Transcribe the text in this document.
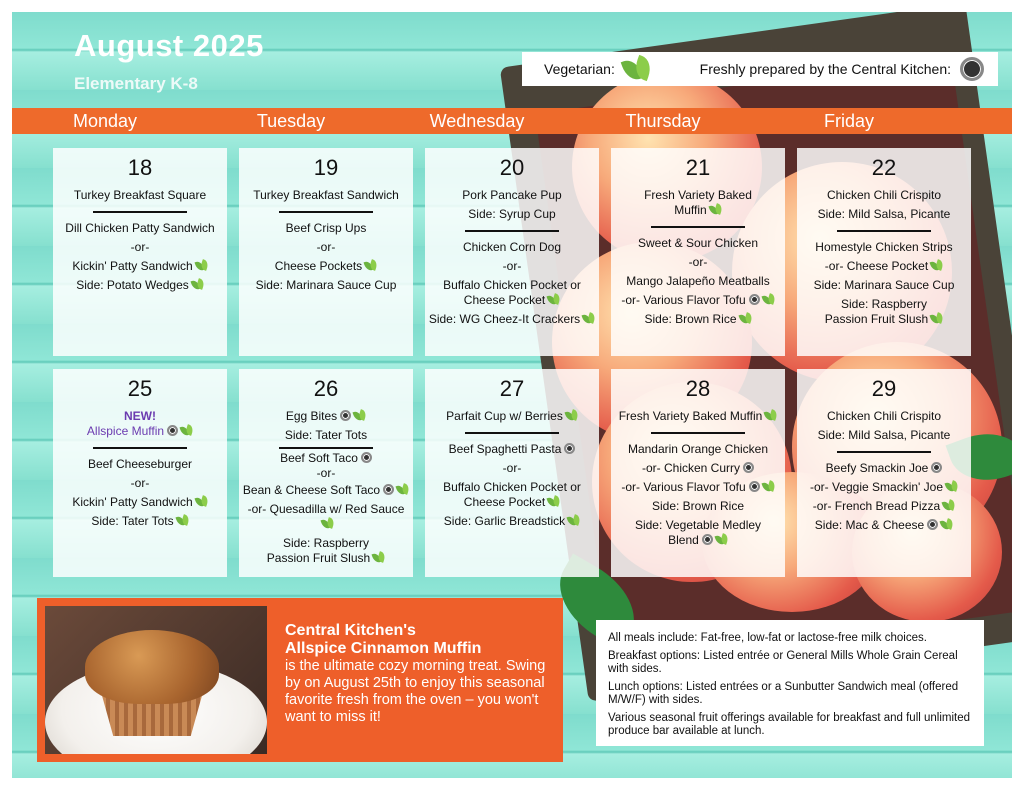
August 2025
Elementary K-8
Vegetarian:	Freshly prepared by the Central Kitchen:
Monday	Tuesday	Wednesday	Thursday	Friday
18
Turkey Breakfast Square
Dill Chicken Patty Sandwich
-or-
Kickin' Patty Sandwich
Side: Potato Wedges
19
Turkey Breakfast Sandwich
Beef Crisp Ups
-or-
Cheese Pockets
Side: Marinara Sauce Cup
20
Pork Pancake Pup
Side: Syrup Cup
Chicken Corn Dog
-or-
Buffalo Chicken Pocket or
Cheese Pocket
Side: WG Cheez-It Crackers
21
Fresh Variety Baked
Muffin
Sweet & Sour Chicken
-or-
Mango Jalapeño Meatballs
-or- Various Flavor Tofu
Side: Brown Rice
22
Chicken Chili Crispito
Side: Mild Salsa, Picante
Homestyle Chicken Strips
-or- Cheese Pocket
Side: Marinara Sauce Cup
Side: Raspberry
Passion Fruit Slush
25
NEW!
Allspice Muffin
Beef Cheeseburger
-or-
Kickin' Patty Sandwich
Side: Tater Tots
26
Egg Bites
Side: Tater Tots
Beef Soft Taco
-or-
Bean & Cheese Soft Taco
-or- Quesadilla w/ Red Sauce
Side: Raspberry
Passion Fruit Slush
27
Parfait Cup w/ Berries
Beef Spaghetti Pasta
-or-
Buffalo Chicken Pocket or
Cheese Pocket
Side: Garlic Breadstick
28
Fresh Variety Baked Muffin
Mandarin Orange Chicken
-or- Chicken Curry
-or- Various Flavor Tofu
Side: Brown Rice
Side: Vegetable Medley
Blend
29
Chicken Chili Crispito
Side: Mild Salsa, Picante
Beefy Smackin Joe
-or- Veggie Smackin' Joe
-or- French Bread Pizza
Side: Mac & Cheese
Central Kitchen's
Allspice Cinnamon Muffin
is the ultimate cozy morning treat. Swing by on August 25th to enjoy this seasonal favorite fresh from the oven – you won't want to miss it!

All meals include: Fat-free, low-fat or lactose-free milk choices.

Breakfast options: Listed entrée or General Mills Whole Grain Cereal with sides.

Lunch options: Listed entrées or a Sunbutter Sandwich meal (offered M/W/F) with sides.

Various seasonal fruit offerings available for breakfast and full unlimited produce bar available at lunch.
